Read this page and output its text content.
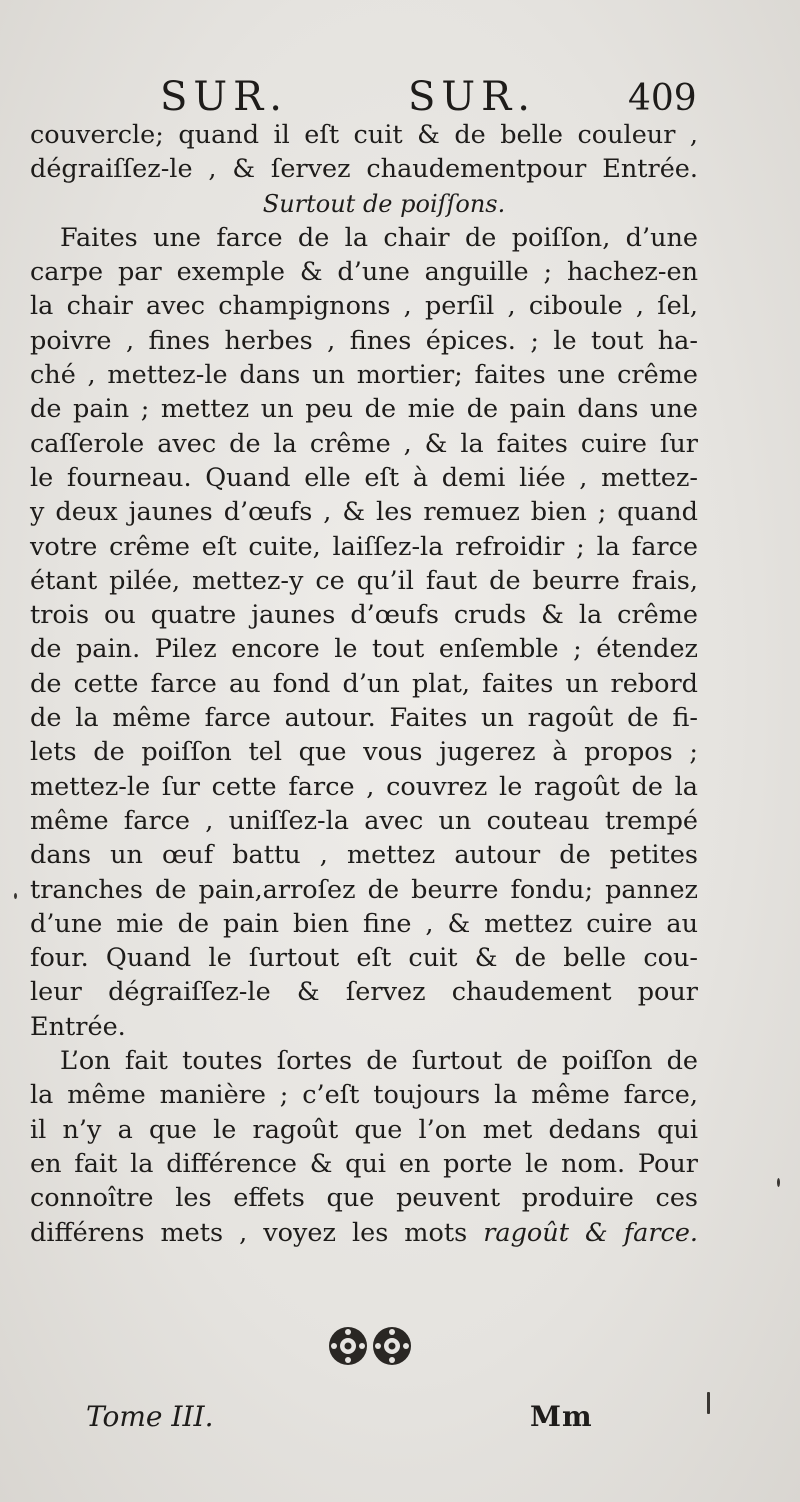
SUR.	SUR.	409
couvercle; quand il eſt cuit & de belle couleur ,
dégraiſſez-le , & ſervez chaudementpour Entrée.
Surtout de poiſſons.
Faites une farce de la chair de poiſſon, d’une
carpe par exemple & d’une anguille ; hachez-en
la chair avec champignons , perſil , ciboule , ſel,
poivre , fines herbes , fines épices. ; le tout ha-
ché , mettez-le dans un mortier; faites une crême
de pain ; mettez un peu de mie de pain dans une
caſſerole avec de la crême , & la faites cuire ſur
le fourneau. Quand elle eſt à demi liée , mettez-
y deux jaunes d’œufs , & les remuez bien ; quand
votre crême eſt cuite, laiſſez-la refroidir ; la farce
étant pilée, mettez-y ce qu’il faut de beurre frais,
trois ou quatre jaunes d’œufs cruds & la crême
de pain. Pilez encore le tout enſemble ; étendez
de cette farce au fond d’un plat, faites un rebord
de la même farce autour. Faites un ragoût de fi-
lets de poiſſon tel que vous jugerez à propos ;
mettez-le ſur cette farce , couvrez le ragoût de la
même farce , uniſſez-la avec un couteau trempé
dans un œuf battu , mettez autour de petites
tranches de pain,arroſez de beurre fondu; pannez
d’une mie de pain bien fine , & mettez cuire au
four. Quand le ſurtout eſt cuit & de belle cou-
leur dégraiſſez-le & ſervez chaudement pour
Entrée.
L’on fait toutes ſortes de ſurtout de poiſſon de
la même manière ; c’eſt toujours la même farce,
il n’y a que le ragoût que l’on met dedans qui
en fait la différence & qui en porte le nom. Pour
connoître les effets que peuvent produire ces
différens mets , voyez les mots ragoût & farce.
Tome III.	Mm
